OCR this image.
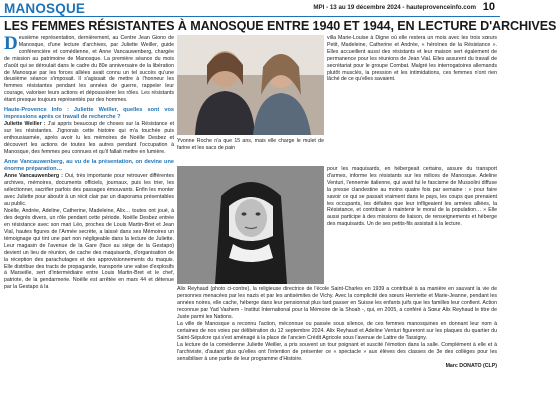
MANOSQUE	MPI - 13 au 19 décembre 2024 - hauteprovenceinfo.com 10
LES FEMMES RÉSISTANTES À MANOSQUE ENTRE 1940 ET 1944, EN LECTURE D'ARCHIVES

Deuxième représentation, dernièrement, au Centre Jean Giono de Manosque, d'une lecture d'archives, par Juliette Weiller, guide conférencière et comédienne, et Anne Vancauwenberg, chargée de mission au patrimoine de Manosque. La première séance du mois d'août qui se déroulait dans le cadre du 80e anniversaire de la libération de Manosque par les forces alliées avait connu un tel succès qu'une deuxième séance s'imposait. Il s'agissait de mettre à l'honneur les femmes résistantes pendant les années de guerre, rappeler leur courage, valoriser leurs actions et dépoussiérer les rôles. Les résistants étant presque toujours représentés par des hommes.

Haute-Provence Info : Juliette Weiller, quelles sont vos impressions après ce travail de recherche ?

Juliette Weiller : J'ai appris beaucoup de choses sur la Résistance et sur les résistantes. J'ignorais cette histoire qui m'a touchée puis enthousiasmée, après avoir lu les mémoires de Noëlle Desbez et découvert les actions de toutes les autres pendant l'occupation à Manosque, des femmes peu connues et qu'il fallait mettre en lumière.

Anne Vancauwenberg, au vu de la présentation, on devine une énorme préparation…

Anne Vancauwenberg : Oui, très importante pour retrouver différentes archives, mémoires, documents officiels, journaux, puis les trier, les sélectionner, sacrifier parfois des passages émouvants. Enfin les monter avec Juliette pour aboutir à un récit clair par un diaporama présentables au public.

Noëlle, Andrée, Adeline, Catherine, Madeleine, Alix… toutes ont joué, à des degrés divers, un rôle pendant cette période. Noëlle Desbez entrée en résistance avec son mari Léo, proches de Louis Martin-Bret et Jean Vial, hautes figures de l'Armée secrète, a laissé dans ses Mémoires un témoignage qui tint une part non négligeable dans la lecture de Juliette. Leur magasin de l'avenue de la Gare (face au siège de la Gestapo) devient un lieu de réunion, de cache des maquisards, d'organisation de la réception des parachutages et des approvisionnements du maquis. Elle distribue des tracts de propagande, transporte une valise d'explosifs à Marseille, sert d'intermédiaire entre Louis Martin-Bret et le chef, patriote, de la gendarmerie. Noëlle est arrêtée en mars 44 et détenue par la Gestapo à la

Yvonne Roche n'a que 15 ans, mais elle charge le mulet de farine et les sacs de pain

villa Marie-Louise à Digne où elle restera un mois avec les trois sœurs Petit, Madeleine, Catherine et Andrée, « héroïnes de la Résistance ». Elles accueillent aussi des résistants et leur maison sert également de permanence pour les réunions de Jean Vial. Elles assurent du travail de secrétariat pour le groupe Combat. Malgré les interrogatoires allemands plutôt musclés, la pression et les intimidations, ces femmes n'ont rien lâché de ce qu'elles savaient.

pour les maquisards, en hébergeait certains, assure du transport d'armes, informe les résistants sur les milices de Manosque. Adeline Venturi, l'ennemie italienne, qui avait fui le fascisme de Mussolini diffuse la presse clandestine au moins quatre fois par semaine : « pour faire savoir ce qui se passait vraiment dans le pays, les coups que prenaient les occupants, les défaites que leur infligeaient les armées alliées, la Résistance, et contribuer à maintenir le moral de la population… » Elle aussi participe à des missions de liaison, de renseignements et héberge des maquisards. Un de ses petits-fils assistait à la lecture.

Alix Reyhaud (photo ci-contre), la religieuse directrice de l'école Saint-Charles en 1939 a contribué à sa manière en sauvant la vie de personnes menacées par les nazis et par les antisémites de Vichy. Avec la complicité des sœurs Henriette et Marie-Jeanne, pendant les années noires, elle cache, héberge dans leur pensionnat plus tard passer en Suisse les enfants juifs que les familles leur confient. Action reconnue par Yad Vashem - Institut International pour la Mémoire de la Shoah -, qui, en 2005, a conféré à Sœur Alix Reyhaud le titre de Juste parmi les Nations.

La ville de Manosque a reconnu l'action, méconnue ou passée sous silence, de ces femmes manosquines en donnant leur nom à certaines de nos voies par délibération du 12 septembre 2024. Alix Reyhaud et Adeline Venturi figureront sur les plaques du quartier du Saint-Sépulcre qui s'est aménagé à la place de l'ancien Crédit Agricole sous l'avenue de Lattre de Tassigny.

La lecture de la comédienne Juliette Weiller, a pris souvent un tour poignant et suscité l'émotion dans la salle. Complément à elle et à l'archiviste, d'autant plus qu'elles ont l'intention de présenter ce « spectacle » aux élèves des classes de 3e des collèges pour les sensibiliser à une partie de leur programme d'Histoire.

Marc DONATO (CLP)
